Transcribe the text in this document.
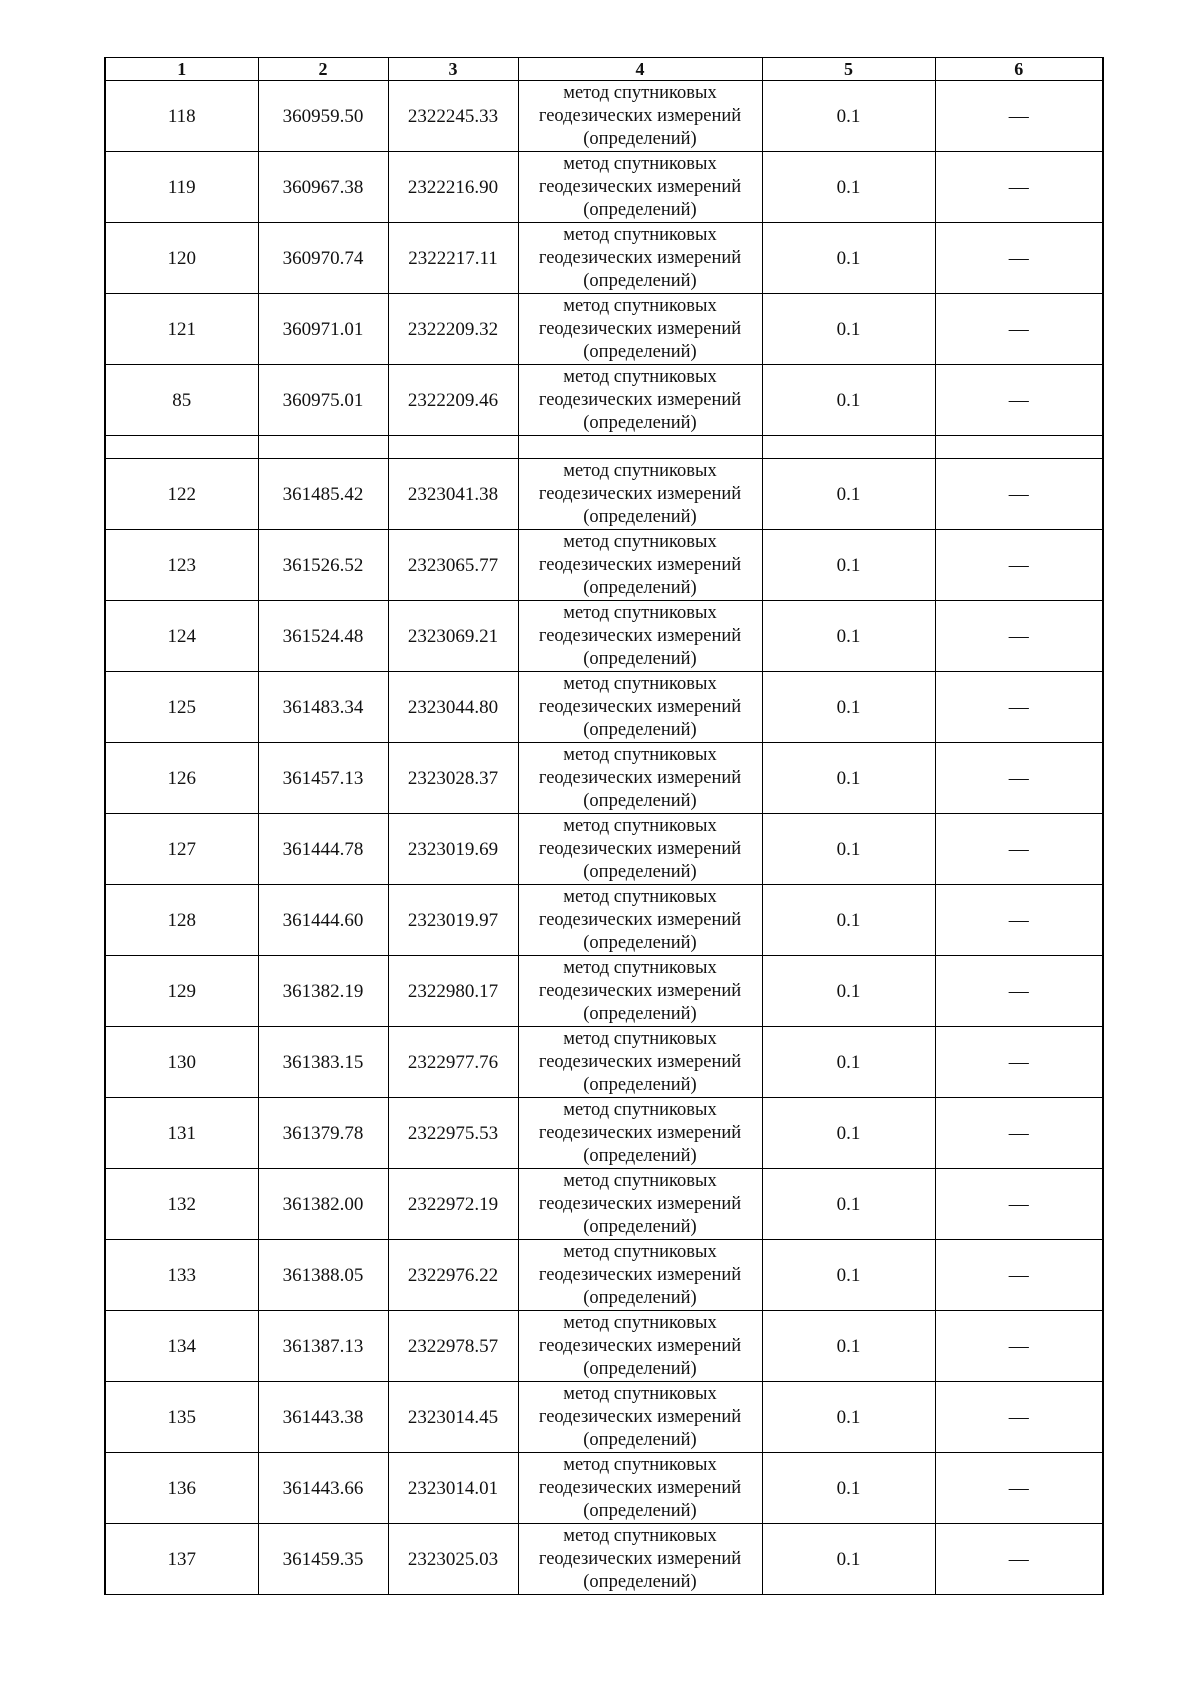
1	2	3	4	5	6
118	360959.50	2322245.33	метод спутниковых геодезических измерений (определений)	0.1	—
119	360967.38	2322216.90	метод спутниковых геодезических измерений (определений)	0.1	—
120	360970.74	2322217.11	метод спутниковых геодезических измерений (определений)	0.1	—
121	360971.01	2322209.32	метод спутниковых геодезических измерений (определений)	0.1	—
85	360975.01	2322209.46	метод спутниковых геодезических измерений (определений)	0.1	—

122	361485.42	2323041.38	метод спутниковых геодезических измерений (определений)	0.1	—
123	361526.52	2323065.77	метод спутниковых геодезических измерений (определений)	0.1	—
124	361524.48	2323069.21	метод спутниковых геодезических измерений (определений)	0.1	—
125	361483.34	2323044.80	метод спутниковых геодезических измерений (определений)	0.1	—
126	361457.13	2323028.37	метод спутниковых геодезических измерений (определений)	0.1	—
127	361444.78	2323019.69	метод спутниковых геодезических измерений (определений)	0.1	—
128	361444.60	2323019.97	метод спутниковых геодезических измерений (определений)	0.1	—
129	361382.19	2322980.17	метод спутниковых геодезических измерений (определений)	0.1	—
130	361383.15	2322977.76	метод спутниковых геодезических измерений (определений)	0.1	—
131	361379.78	2322975.53	метод спутниковых геодезических измерений (определений)	0.1	—
132	361382.00	2322972.19	метод спутниковых геодезических измерений (определений)	0.1	—
133	361388.05	2322976.22	метод спутниковых геодезических измерений (определений)	0.1	—
134	361387.13	2322978.57	метод спутниковых геодезических измерений (определений)	0.1	—
135	361443.38	2323014.45	метод спутниковых геодезических измерений (определений)	0.1	—
136	361443.66	2323014.01	метод спутниковых геодезических измерений (определений)	0.1	—
137	361459.35	2323025.03	метод спутниковых геодезических измерений (определений)	0.1	—
